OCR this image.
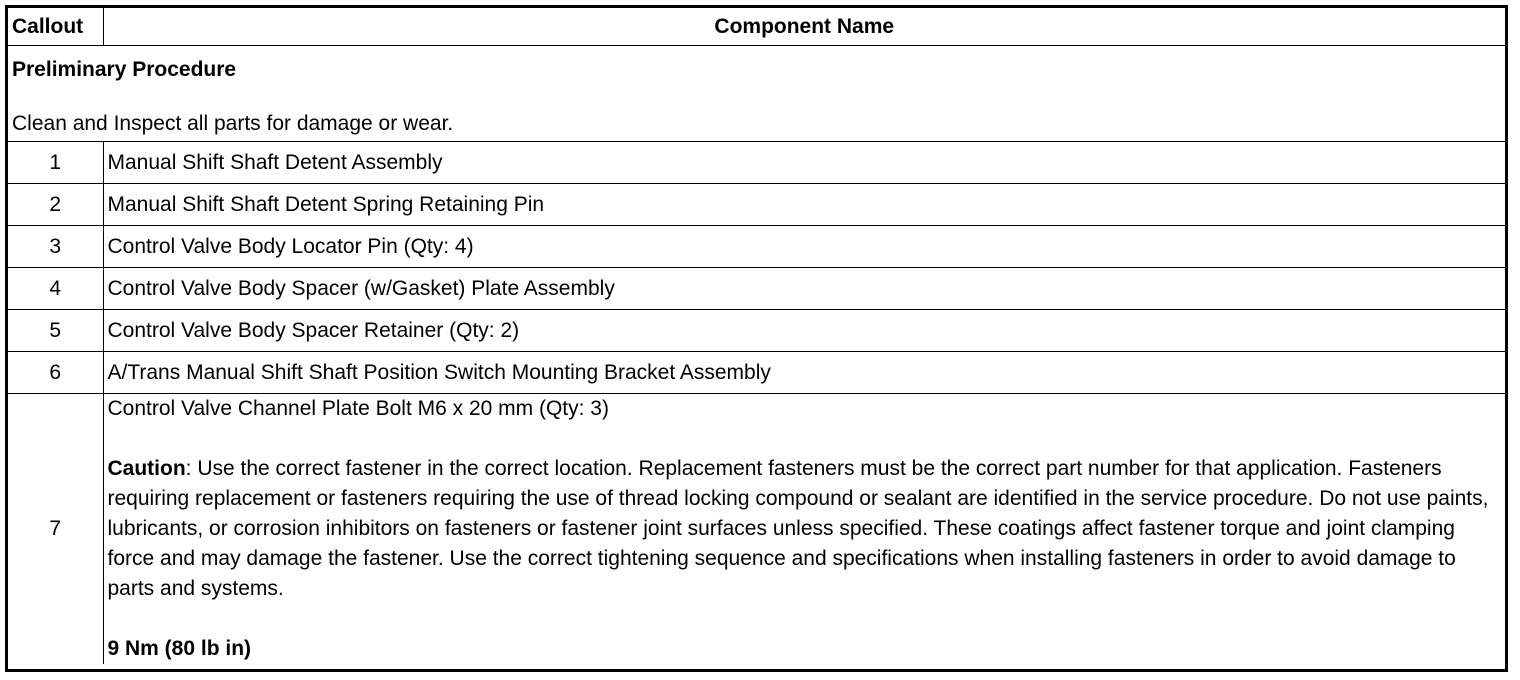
Callout	Component Name

Preliminary Procedure
Clean and Inspect all parts for damage or wear.	

1	Manual Shift Shaft Detent Assembly
2	Manual Shift Shaft Detent Spring Retaining Pin
3	Control Valve Body Locator Pin (Qty: 4)
4	Control Valve Body Spacer (w/Gasket) Plate Assembly
5	Control Valve Body Spacer Retainer (Qty: 2)
6	A/Trans Manual Shift Shaft Position Switch Mounting Bracket Assembly
7	Control Valve Channel Plate Bolt M6 x 20 mm (Qty: 3)

Caution: Use the correct fastener in the correct location. Replacement fasteners must be the correct part number for that application. Fasteners requiring replacement or fasteners requiring the use of thread locking compound or sealant are identified in the service procedure. Do not use paints, lubricants, or corrosion inhibitors on fasteners or fastener joint surfaces unless specified. These coatings affect fastener torque and joint clamping force and may damage the fastener. Use the correct tightening sequence and specifications when installing fasteners in order to avoid damage to parts and systems.

9 Nm (80 lb in)
